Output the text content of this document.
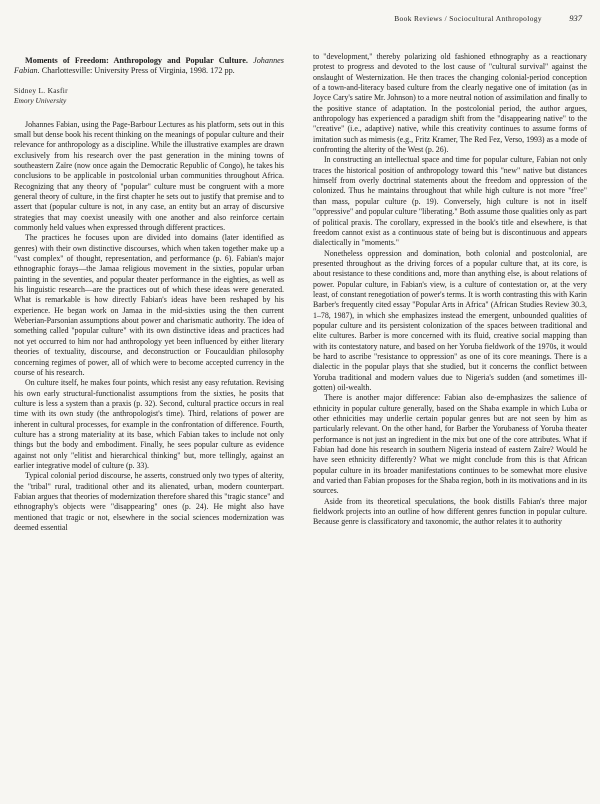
Book Reviews / Sociocultural Anthropology	937

Moments of Freedom: Anthropology and Popular Culture. Johannes Fabian. Charlottesville: University Press of Virginia, 1998. 172 pp.

Sidney L. Kasfir
Emory University

Johannes Fabian, using the Page-Barbour Lectures as his platform, sets out in this small but dense book his recent thinking on the meanings of popular culture and their relevance for anthropology as a discipline. While the illustrative examples are drawn exclusively from his research over the past generation in the mining towns of southeastern Zaïre (now once again the Democratic Republic of Congo), he takes his conclusions to be applicable in postcolonial urban communities throughout Africa. Recognizing that any theory of "popular" culture must be congruent with a more general theory of culture, in the first chapter he sets out to justify that premise and to assert that (popular culture is not, in any case, an entity but an array of discursive strategies that may coexist uneasily with one another and also reinforce certain commonly held values when expressed through different practices.

The practices he focuses upon are divided into domains (later identified as genres) with their own distinctive discourses, which when taken together make up a "vast complex" of thought, representation, and performance (p. 6). Fabian's major ethnographic forays—the Jamaa religious movement in the sixties, popular urban painting in the seventies, and popular theater performance in the eighties, as well as his linguistic research—are the practices out of which these ideas were generated. What is remarkable is how directly Fabian's ideas have been reshaped by his experience. He began work on Jamaa in the mid-sixties using the then current Weberian-Parsonian assumptions about power and charismatic authority. The idea of something called "popular culture" with its own distinctive ideas and practices had not yet occurred to him nor had anthropology yet been influenced by either literary theories of textuality, discourse, and deconstruction or Foucauldian philosophy concerning regimes of power, all of which were to become accepted currency in the course of his research.

On culture itself, he makes four points, which resist any easy refutation. Revising his own early structural-functionalist assumptions from the sixties, he posits that culture is less a system than a praxis (p. 32). Second, cultural practice occurs in real time with its own study (the anthropologist's time). Third, relations of power are inherent in cultural processes, for example in the confrontation of difference. Fourth, culture has a strong materiality at its base, which Fabian takes to include not only things but the body and embodiment. Finally, he sees popular culture as evidence against not only "elitist and hierarchical thinking" but, more tellingly, against an earlier integrative model of culture (p. 33).

Typical colonial period discourse, he asserts, construed only two types of alterity, the "tribal" rural, traditional other and its alienated, urban, modern counterpart. Fabian argues that theories of modernization therefore shared this "tragic stance" and ethnography's objects were "disappearing" ones (p. 24). He might also have mentioned that tragic or not, elsewhere in the social sciences modernization was deemed essential

to "development," thereby polarizing old fashioned ethnography as a reactionary protest to progress and devoted to the lost cause of "cultural survival" against the onslaught of Westernization. He then traces the changing colonial-period conception of a town-and-literacy based culture from the clearly negative one of imitation (as in Joyce Cary's satire Mr. Johnson) to a more neutral notion of assimilation and finally to the positive stance of adaptation. In the postcolonial period, the author argues, anthropology has experienced a paradigm shift from the "disappearing native" to the "creative" (i.e., adaptive) native, while this creativity continues to assume forms of imitation such as mimesis (e.g., Fritz Kramer, The Red Fez, Verso, 1993) as a mode of confronting the alterity of the West (p. 26).

In constructing an intellectual space and time for popular culture, Fabian not only traces the historical position of anthropology toward this "new" native but distances himself from overly doctrinal statements about the freedom and oppression of the colonized. Thus he maintains throughout that while high culture is not more "free" than mass, popular culture (p. 19). Conversely, high culture is not in itself "oppressive" and popular culture "liberating." Both assume those qualities only as part of political praxis. The corollary, expressed in the book's title and elsewhere, is that freedom cannot exist as a continuous state of being but is discontinuous and appears dialectically in "moments."

Nonetheless oppression and domination, both colonial and postcolonial, are presented throughout as the driving forces of a popular culture that, at its core, is about resistance to these conditions and, more than anything else, is about relations of power. Popular culture, in Fabian's view, is a culture of contestation or, at the very least, of constant renegotiation of power's terms. It is worth contrasting this with Karin Barber's frequently cited essay "Popular Arts in Africa" (African Studies Review 30.3, 1–78, 1987), in which she emphasizes instead the emergent, unbounded qualities of popular culture and its persistent colonization of the spaces between traditional and elite cultures. Barber is more concerned with its fluid, creative social mapping than with its contestatory nature, and based on her Yoruba fieldwork of the 1970s, it would be hard to ascribe "resistance to oppression" as one of its core meanings. There is a dialectic in the popular plays that she studied, but it concerns the conflict between Yoruba traditional and modern values due to Nigeria's sudden (and sometimes ill-gotten) oil-wealth.

There is another major difference: Fabian also de-emphasizes the salience of ethnicity in popular culture generally, based on the Shaba example in which Luba or other ethnicities may underlie certain popular genres but are not seen by him as particularly relevant. On the other hand, for Barber the Yorubaness of Yoruba theater performance is not just an ingredient in the mix but one of the core attributes. What if Fabian had done his research in southern Nigeria instead of eastern Zaïre? Would he have seen ethnicity differently? What we might conclude from this is that African popular culture in its broader manifestations continues to be somewhat more elusive and varied than Fabian proposes for the Shaba region, both in its motivations and in its sources.

Aside from its theoretical speculations, the book distills Fabian's three major fieldwork projects into an outline of how different genres function in popular culture. Because genre is classificatory and taxonomic, the author relates it to authority
